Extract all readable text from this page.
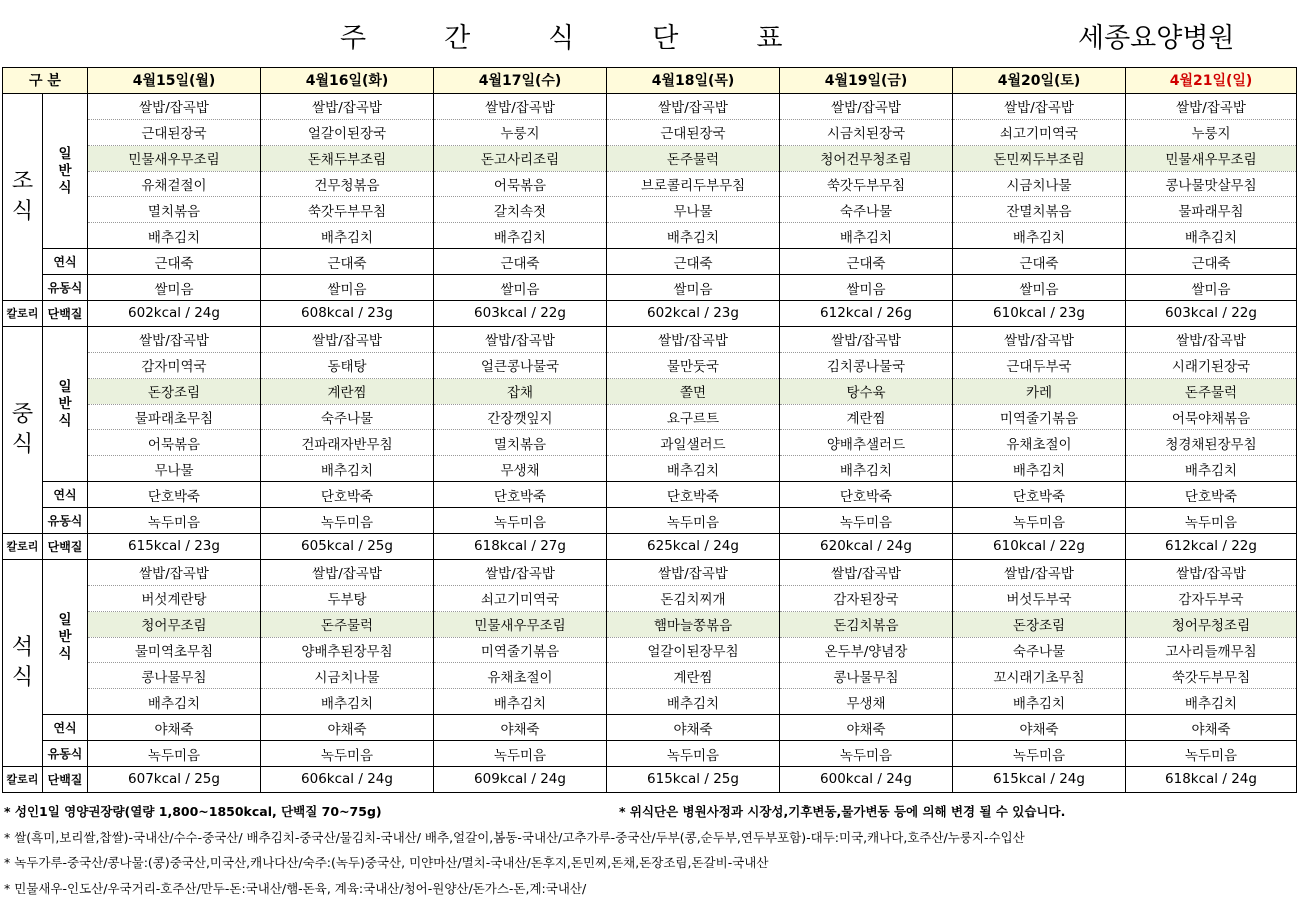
주간식단표	세종요양병원
구 분		4월15일(월)	4월16일(화)	4월17일(수)	4월18일(목)	4월19일(금)	4월20일(토)	4월21일(일)

조
식	일
반
식	쌀밥/잡곡밥	쌀밥/잡곡밥	쌀밥/잡곡밥	쌀밥/잡곡밥	쌀밥/잡곡밥	쌀밥/잡곡밥	쌀밥/잡곡밥
		근대된장국	얼갈이된장국	누룽지	근대된장국	시금치된장국	쇠고기미역국	누룽지
		민물새우무조림	돈채두부조림	돈고사리조림	돈주물럭	청어건무청조림	돈민찌두부조림	민물새우무조림
		유채겉절이	건무청볶음	어묵볶음	브로콜리두부무침	쑥갓두부무침	시금치나물	콩나물맛살무침
		멸치볶음	쑥갓두부무침	갈치속젓	무나물	숙주나물	잔멸치볶음	물파래무침
		배추김치	배추김치	배추김치	배추김치	배추김치	배추김치	배추김치
	연식	근대죽	근대죽	근대죽	근대죽	근대죽	근대죽	근대죽
	유동식	쌀미음	쌀미음	쌀미음	쌀미음	쌀미음	쌀미음	쌀미음
칼로리	단백질	602kcal / 24g	608kcal / 23g	603kcal / 22g	602kcal / 23g	612kcal / 26g	610kcal / 23g	603kcal / 22g

중
식	일
반
식	쌀밥/잡곡밥	쌀밥/잡곡밥	쌀밥/잡곡밥	쌀밥/잡곡밥	쌀밥/잡곡밥	쌀밥/잡곡밥	쌀밥/잡곡밥
		감자미역국	동태탕	얼큰콩나물국	물만둣국	김치콩나물국	근대두부국	시래기된장국
		돈장조림	계란찜	잡채	쫄면	탕수육	카레	돈주물럭
		물파래초무침	숙주나물	간장깻잎지	요구르트	계란찜	미역줄기볶음	어묵야채볶음
		어묵볶음	건파래자반무침	멸치볶음	과일샐러드	양배추샐러드	유채초절이	청경채된장무침
		무나물	배추김치	무생채	배추김치	배추김치	배추김치	배추김치
	연식	단호박죽	단호박죽	단호박죽	단호박죽	단호박죽	단호박죽	단호박죽
	유동식	녹두미음	녹두미음	녹두미음	녹두미음	녹두미음	녹두미음	녹두미음
칼로리	단백질	615kcal / 23g	605kcal / 25g	618kcal / 27g	625kcal / 24g	620kcal / 24g	610kcal / 22g	612kcal / 22g

석
식	일
반
식	쌀밥/잡곡밥	쌀밥/잡곡밥	쌀밥/잡곡밥	쌀밥/잡곡밥	쌀밥/잡곡밥	쌀밥/잡곡밥	쌀밥/잡곡밥
		버섯계란탕	두부탕	쇠고기미역국	돈김치찌개	감자된장국	버섯두부국	감자두부국
		청어무조림	돈주물럭	민물새우무조림	햄마늘쫑볶음	돈김치볶음	돈장조림	청어무청조림
		물미역초무침	양배추된장무침	미역줄기볶음	얼갈이된장무침	온두부/양념장	숙주나물	고사리들깨무침
		콩나물무침	시금치나물	유채초절이	계란찜	콩나물무침	꼬시래기초무침	쑥갓두부무침
		배추김치	배추김치	배추김치	배추김치	무생채	배추김치	배추김치
	연식	야채죽	야채죽	야채죽	야채죽	야채죽	야채죽	야채죽
	유동식	녹두미음	녹두미음	녹두미음	녹두미음	녹두미음	녹두미음	녹두미음
칼로리	단백질	607kcal / 25g	606kcal / 24g	609kcal / 24g	615kcal / 25g	600kcal / 24g	615kcal / 24g	618kcal / 24g
* 성인1일 영양권장량(열량 1,800~1850kcal, 단백질 70~75g)	* 위식단은 병원사정과 시장성,기후변동,물가변동 등에 의해 변경 될 수 있습니다.
* 쌀(흑미,보리쌀,찹쌀)-국내산/수수-중국산/ 배추김치-중국산/물김치-국내산/ 배추,얼갈이,봄동-국내산/고추가루-중국산/두부(콩,순두부,연두부포함)-대두:미국,캐나다,호주산/누룽지-수입산
* 녹두가루-중국산/콩나물:(콩)중국산,미국산,캐나다산/숙주:(녹두)중국산, 미얀마산/멸치-국내산/돈후지,돈민찌,돈채,돈장조림,돈갈비-국내산
* 민물새우-인도산/우국거리-호주산/만두-돈:국내산/햄-돈육, 계육:국내산/청어-원양산/돈가스-돈,계:국내산/
